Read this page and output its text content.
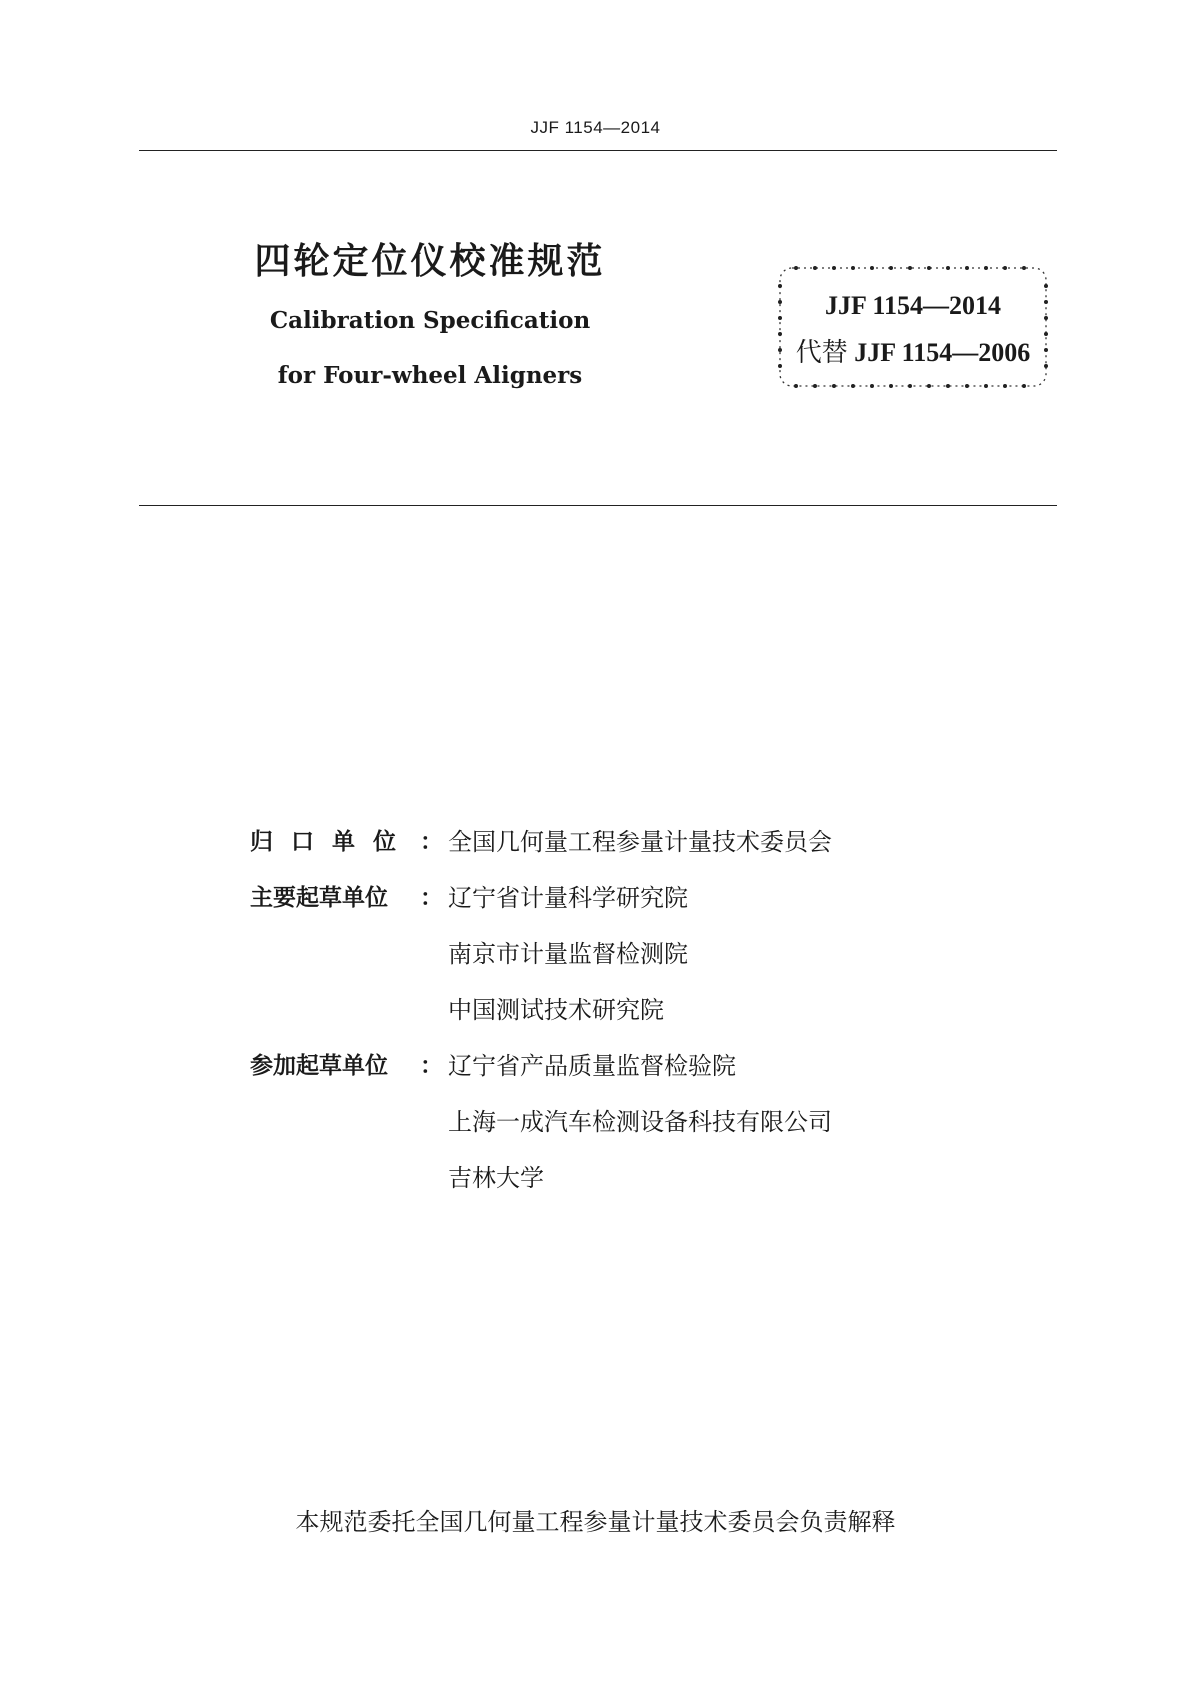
JJF 1154—2014

四轮定位仪校准规范

Calibration Specification

for Four-wheel Aligners

JJF 1154—2014
代替 JJF 1154—2006
归口单位 ： 全国几何量工程参量计量技术委员会
主要起草单位	： 辽宁省计量科学研究院
南京市计量监督检测院
中国测试技术研究院
参加起草单位	： 辽宁省产品质量监督检验院
上海一成汽车检测设备科技有限公司
吉林大学
本规范委托全国几何量工程参量计量技术委员会负责解释
